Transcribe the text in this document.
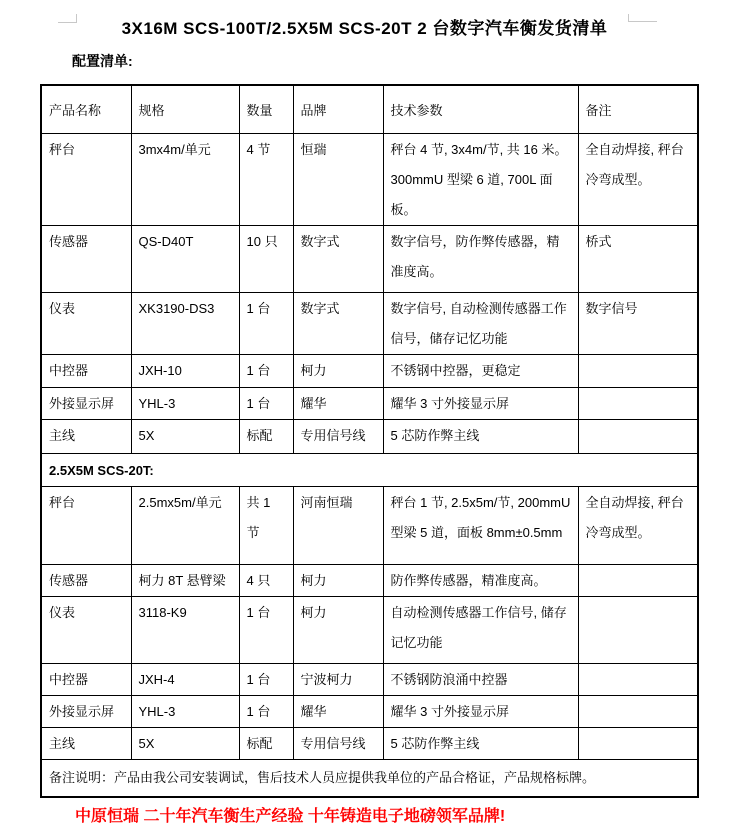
3X16M SCS-100T/2.5X5M SCS-20T 2 台数字汽车衡发货清单
配置清单:
产品名称	规格	数量	品牌	技术参数	备注
秤台	3mx4m/单元	4 节	恒瑞	秤台 4 节, 3x4m/节, 共 16 米。300mmU 型梁 6 道, 700L 面板。	全自动焊接, 秤台冷弯成型。
传感器	QS-D40T	10 只	数字式	数字信号，防作弊传感器，精准度高。	桥式
仪表	XK3190-DS3	1 台	数字式	数字信号, 自动检测传感器工作信号，储存记忆功能	数字信号
中控器	JXH-10	1 台	柯力	不锈钢中控器，更稳定	
外接显示屏	YHL-3	1 台	耀华	耀华 3 寸外接显示屏	
主线	5X	标配	专用信号线	5 芯防作弊主线	
2.5X5M SCS-20T:					
秤台	2.5mx5m/单元	共 1 节	河南恒瑞	秤台 1 节, 2.5x5m/节, 200mmU 型梁 5 道，面板 8mm±0.5mm	全自动焊接, 秤台冷弯成型。
传感器	柯力 8T 悬臂梁	4 只	柯力	防作弊传感器，精准度高。	
仪表	3118-K9	1 台	柯力	自动检测传感器工作信号, 储存记忆功能	
中控器	JXH-4	1 台	宁波柯力	不锈钢防浪涌中控器	
外接显示屏	YHL-3	1 台	耀华	耀华 3 寸外接显示屏	
主线	5X	标配	专用信号线	5 芯防作弊主线	
备注说明：产品由我公司安装调试，售后技术人员应提供我单位的产品合格证，产品规格标牌。					
中原恒瑞 二十年汽车衡生产经验 十年铸造电子地磅领军品牌!
